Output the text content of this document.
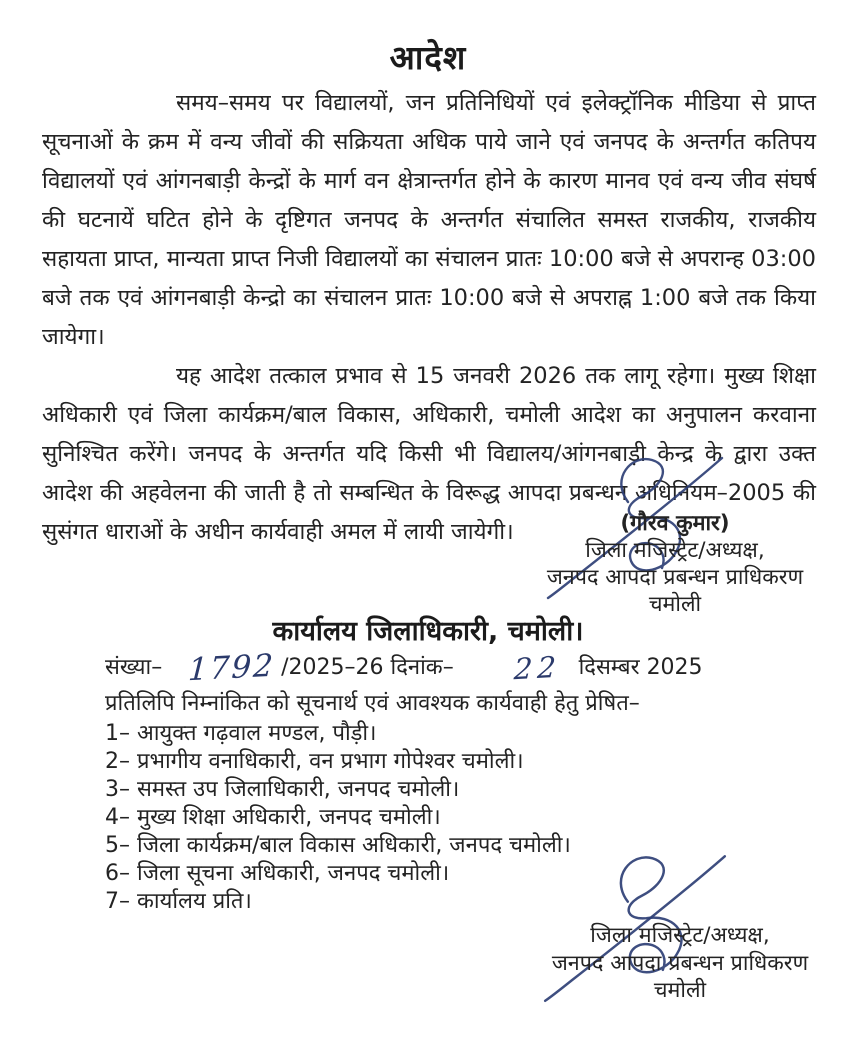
आदेश

समय–समय पर विद्यालयों, जन प्रतिनिधियों एवं इलेक्ट्रॉनिक मीडिया से प्राप्त सूचनाओं के क्रम में वन्य जीवों की सक्रियता अधिक पाये जाने एवं जनपद के अन्तर्गत कतिपय विद्यालयों एवं आंगनबाड़ी केन्द्रों के मार्ग वन क्षेत्रान्तर्गत होने के कारण मानव एवं वन्य जीव संघर्ष की घटनायें घटित होने के दृष्टिगत जनपद के अन्तर्गत संचालित समस्त राजकीय, राजकीय सहायता प्राप्त, मान्यता प्राप्त निजी विद्यालयों का संचालन प्रातः 10:00 बजे से अपरान्ह 03:00 बजे तक एवं आंगनबाड़ी केन्द्रो का संचालन प्रातः 10:00 बजे से अपराह्न 1:00 बजे तक किया जायेगा।

यह आदेश तत्काल प्रभाव से 15 जनवरी 2026 तक लागू रहेगा। मुख्य शिक्षा अधिकारी एवं जिला कार्यक्रम/बाल विकास, अधिकारी, चमोली आदेश का अनुपालन करवाना सुनिश्चित करेंगे। जनपद के अन्तर्गत यदि किसी भी विद्यालय/आंगनबाड़ी केन्द्र के द्वारा उक्त आदेश की अहवेलना की जाती है तो सम्बन्धित के विरूद्ध आपदा प्रबन्धन अधिनियम–2005 की सुसंगत धाराओं के अधीन कार्यवाही अमल में लायी जायेगी।	(गौरव कुमार)
जिला मजिस्ट्रेट/अध्यक्ष,
जनपद आपदा प्रबन्धन प्राधिकरण
चमोली
कार्यालय जिलाधिकारी, चमोली।
संख्या– 1792 /2025–26 दिनांक– 22 दिसम्बर 2025
प्रतिलिपि निम्नांकित को सूचनार्थ एवं आवश्यक कार्यवाही हेतु प्रेषित–
1– आयुक्त गढ़वाल मण्डल, पौड़ी।
2– प्रभागीय वनाधिकारी, वन प्रभाग गोपेश्वर चमोली।
3– समस्त उप जिलाधिकारी, जनपद चमोली।
4– मुख्य शिक्षा अधिकारी, जनपद चमोली।
5– जिला कार्यक्रम/बाल विकास अधिकारी, जनपद चमोली।
6– जिला सूचना अधिकारी, जनपद चमोली।
7– कार्यालय प्रति।
जिला मजिस्ट्रेट/अध्यक्ष,
जनपद आपदा प्रबन्धन प्राधिकरण
चमोली
